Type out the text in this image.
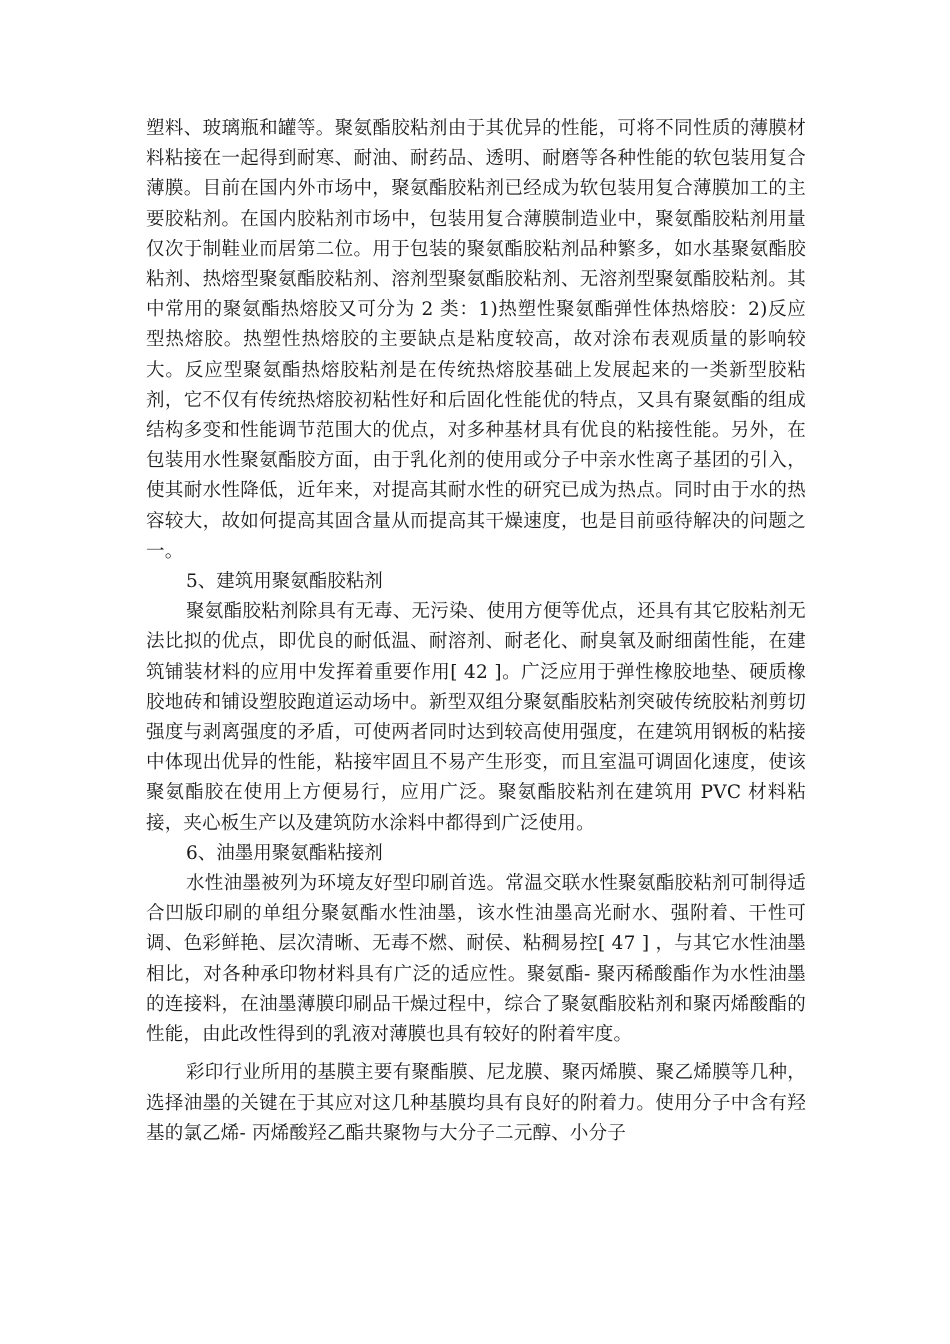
塑料、玻璃瓶和罐等。聚氨酯胶粘剂由于其优异的性能，可将不同性质的薄膜材料粘接在一起得到耐寒、耐油、耐药品、透明、耐磨等各种性能的软包装用复合薄膜。目前在国内外市场中，聚氨酯胶粘剂已经成为软包装用复合薄膜加工的主要胶粘剂。在国内胶粘剂市场中，包装用复合薄膜制造业中，聚氨酯胶粘剂用量仅次于制鞋业而居第二位。用于包装的聚氨酯胶粘剂品种繁多，如水基聚氨酯胶粘剂、热熔型聚氨酯胶粘剂、溶剂型聚氨酯胶粘剂、无溶剂型聚氨酯胶粘剂。其中常用的聚氨酯热熔胶又可分为 2 类：1)热塑性聚氨酯弹性体热熔胶：2)反应型热熔胶。热塑性热熔胶的主要缺点是粘度较高，故对涂布表观质量的影响较大。反应型聚氨酯热熔胶粘剂是在传统热熔胶基础上发展起来的一类新型胶粘剂，它不仅有传统热熔胶初粘性好和后固化性能优的特点，又具有聚氨酯的组成结构多变和性能调节范围大的优点，对多种基材具有优良的粘接性能。另外，在包装用水性聚氨酯胶方面，由于乳化剂的使用或分子中亲水性离子基团的引入，使其耐水性降低，近年来，对提高其耐水性的研究已成为热点。同时由于水的热容较大，故如何提高其固含量从而提高其干燥速度，也是目前亟待解决的问题之一。

5、建筑用聚氨酯胶粘剂

聚氨酯胶粘剂除具有无毒、无污染、使用方便等优点，还具有其它胶粘剂无法比拟的优点，即优良的耐低温、耐溶剂、耐老化、耐臭氧及耐细菌性能，在建筑铺装材料的应用中发挥着重要作用[ 42 ]。广泛应用于弹性橡胶地垫、硬质橡胶地砖和铺设塑胶跑道运动场中。新型双组分聚氨酯胶粘剂突破传统胶粘剂剪切强度与剥离强度的矛盾，可使两者同时达到较高使用强度，在建筑用钢板的粘接中体现出优异的性能，粘接牢固且不易产生形变，而且室温可调固化速度，使该聚氨酯胶在使用上方便易行，应用广泛。聚氨酯胶粘剂在建筑用 PVC 材料粘接，夹心板生产以及建筑防水涂料中都得到广泛使用。

6、油墨用聚氨酯粘接剂

水性油墨被列为环境友好型印刷首选。常温交联水性聚氨酯胶粘剂可制得适合凹版印刷的单组分聚氨酯水性油墨，该水性油墨高光耐水、强附着、干性可调、色彩鲜艳、层次清晰、无毒不燃、耐侯、粘稠易控[ 47 ] ，与其它水性油墨相比，对各种承印物材料具有广泛的适应性。聚氨酯- 聚丙稀酸酯作为水性油墨的连接料，在油墨薄膜印刷品干燥过程中，综合了聚氨酯胶粘剂和聚丙烯酸酯的性能，由此改性得到的乳液对薄膜也具有较好的附着牢度。

彩印行业所用的基膜主要有聚酯膜、尼龙膜、聚丙烯膜、聚乙烯膜等几种，选择油墨的关键在于其应对这几种基膜均具有良好的附着力。使用分子中含有羟基的氯乙烯- 丙烯酸羟乙酯共聚物与大分子二元醇、小分子
